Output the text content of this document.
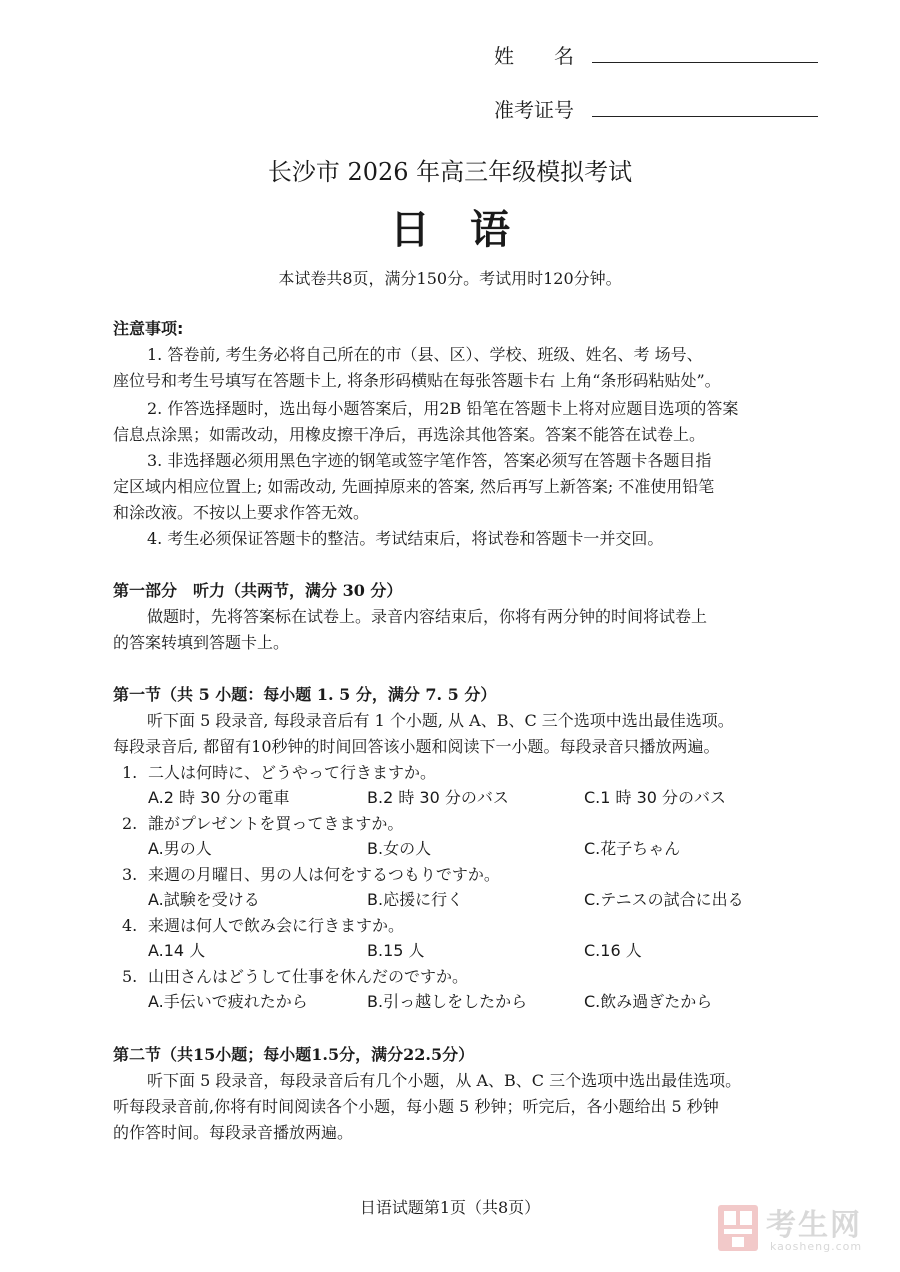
姓　　名
准考证号
长沙市 2026 年高三年级模拟考试
日　语
本试卷共8页，满分150分。考试用时120分钟。
注意事项:
1. 答卷前, 考生务必将自己所在的市（县、区）、学校、班级、姓名、考 场号、
座位号和考生号填写在答题卡上, 将条形码横贴在每张答题卡右 上角“条形码粘贴处”。
2. 作答选择题时，选出每小题答案后，用2B 铅笔在答题卡上将对应题目选项的答案
信息点涂黑；如需改动，用橡皮擦干净后，再选涂其他答案。答案不能答在试卷上。
3. 非选择题必须用黑色字迹的钢笔或签字笔作答，答案必须写在答题卡各题目指
定区域内相应位置上; 如需改动, 先画掉原来的答案, 然后再写上新答案; 不准使用铅笔
和涂改液。不按以上要求作答无效。
4. 考生必须保证答题卡的整洁。考试结束后，将试卷和答题卡一并交回。
第一部分　听力（共两节，满分 30 分）
做题时，先将答案标在试卷上。录音内容结束后，你将有两分钟的时间将试卷上
的答案转填到答题卡上。
第一节（共 5 小题：每小题 1. 5 分，满分 7. 5 分）
听下面 5 段录音, 每段录音后有 1 个小题, 从 A、B、C 三个选项中选出最佳选项。
每段录音后, 都留有10秒钟的时间回答该小题和阅读下一小题。每段录音只播放两遍。
1. 二人は何時に、どうやって行きますか。
A.2 時 30 分の電車	B.2 時 30 分のバス	C.1 時 30 分のバス
2. 誰がプレゼントを買ってきますか。
A.男の人	B.女の人	C.花子ちゃん
3. 来週の月曜日、男の人は何をするつもりですか。
A.試験を受ける	B.応援に行く	C.テニスの試合に出る
4. 来週は何人で飲み会に行きますか。
A.14 人	B.15 人	C.16 人
5. 山田さんはどうして仕事を休んだのですか。
A.手伝いで疲れたから	B.引っ越しをしたから	C.飲み過ぎたから
第二节（共15小题；每小题1.5分，满分22.5分）
听下面 5 段录音，每段录音后有几个小题，从 A、B、C 三个选项中选出最佳选项。
听每段录音前,你将有时间阅读各个小题，每小题 5 秒钟；听完后，各小题给出 5 秒钟
的作答时间。每段录音播放两遍。
日语试题第1页（共8页）
考生网
kaosheng.com
